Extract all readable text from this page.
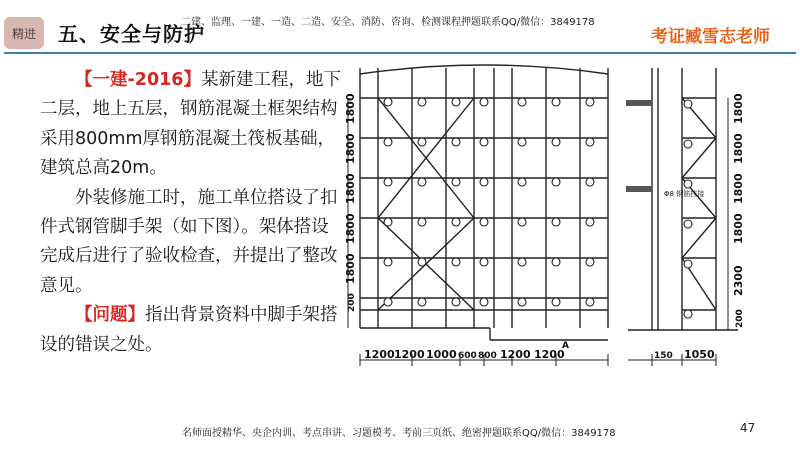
精进	五、安全与防护
二建、监理、一建、一造、二造、安全、消防、咨询、检测课程押题联系QQ/微信：3849178
考证臧雪志老师

【一建-2016】某新建工程，地下二层，地上五层，钢筋混凝土框架结构采用800mm厚钢筋混凝土筏板基础，建筑总高20m。

外装修施工时，施工单位搭设了扣件式钢管脚手架（如下图）。架体搭设完成后进行了验收检查，并提出了整改意见。

【问题】指出背景资料中脚手架搭设的错误之处。

1800
1800
1800
1800
1800
200
1200 1200 1000 600 800 1200 1200
A
Φ8 钢筋拉接
1800
1800
1800
1800
2300
200
150 1050
名师面授精华、央企内训、考点串讲、习题模考、考前三页纸、绝密押题联系QQ/微信：3849178	47
